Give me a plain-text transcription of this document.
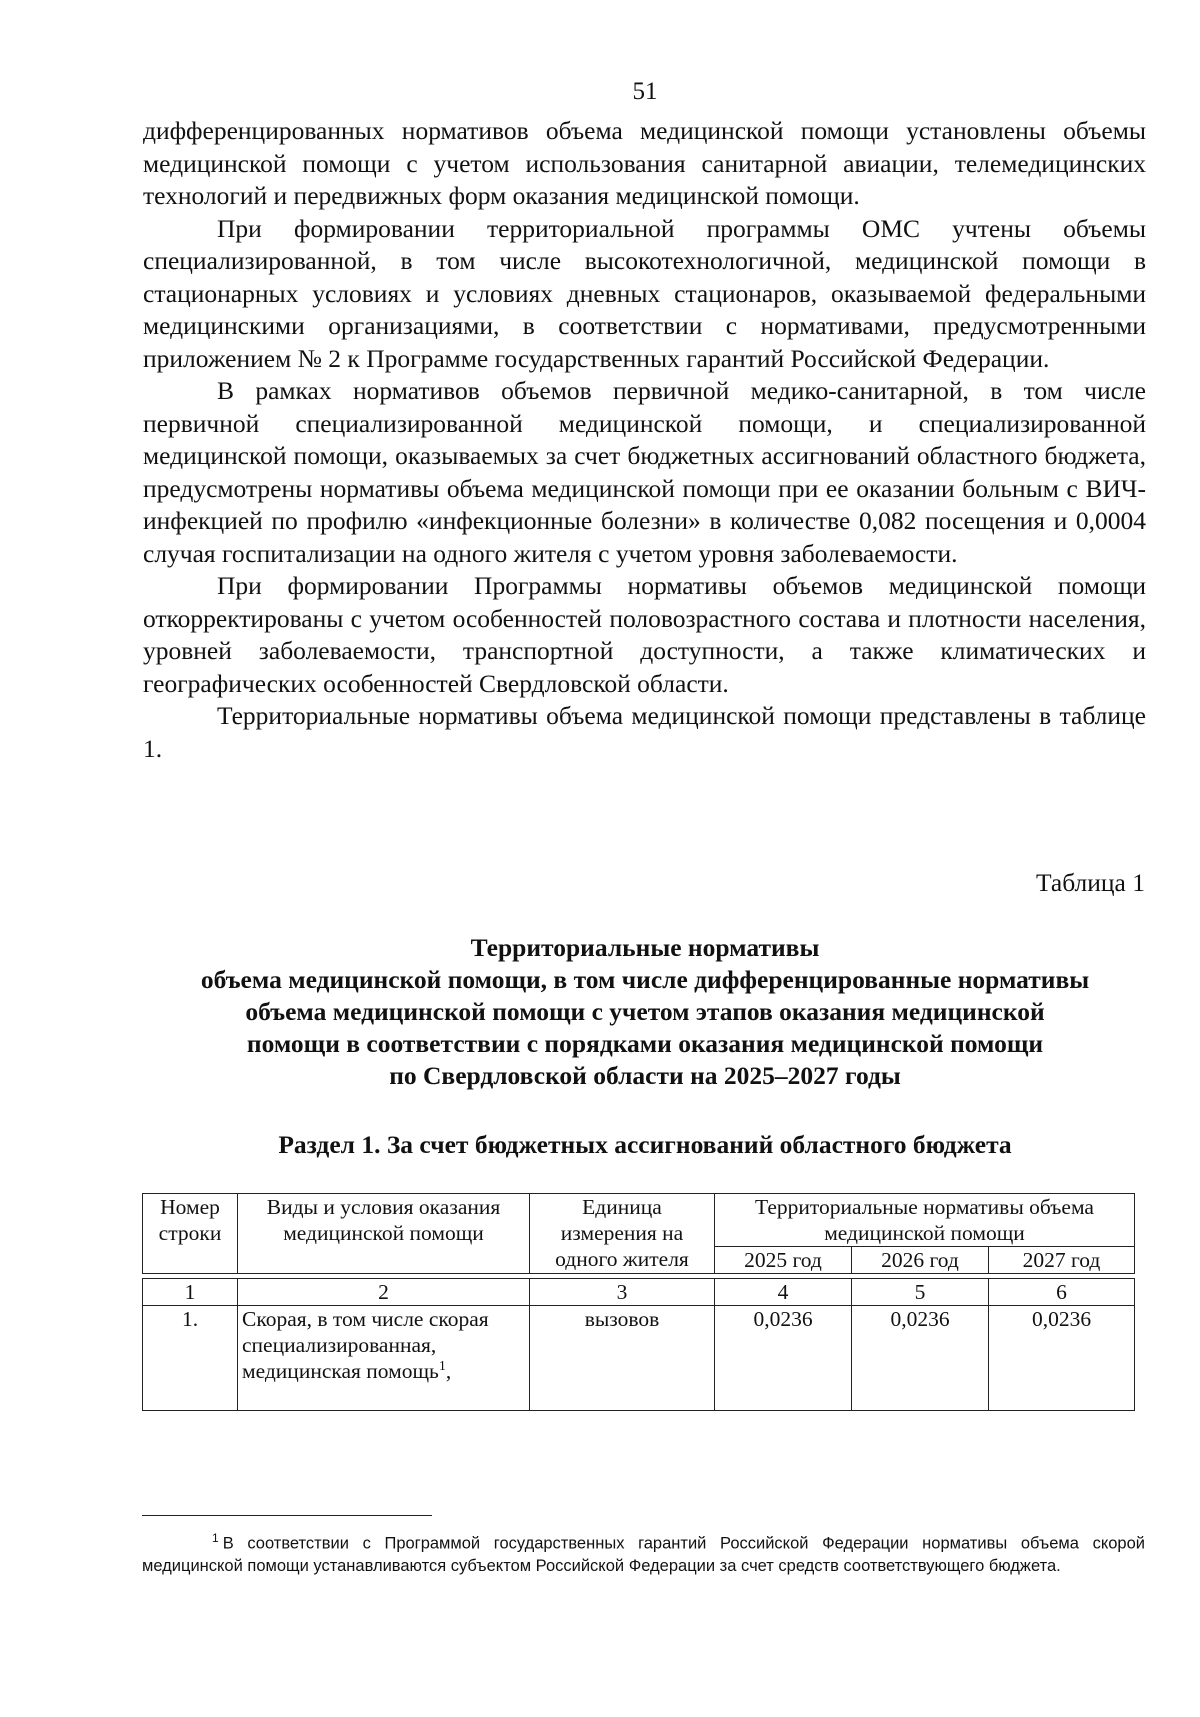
51

дифференцированных нормативов объема медицинской помощи установлены объемы медицинской помощи с учетом использования санитарной авиации, телемедицинских технологий и передвижных форм оказания медицинской помощи.

При формировании территориальной программы ОМС учтены объемы специализированной, в том числе высокотехнологичной, медицинской помощи в стационарных условиях и условиях дневных стационаров, оказываемой федеральными медицинскими организациями, в соответствии с нормативами, предусмотренными приложением № 2 к Программе государственных гарантий Российской Федерации.

В рамках нормативов объемов первичной медико-санитарной, в том числе первичной специализированной медицинской помощи, и специализированной медицинской помощи, оказываемых за счет бюджетных ассигнований областного бюджета, предусмотрены нормативы объема медицинской помощи при ее оказании больным с ВИЧ-инфекцией по профилю «инфекционные болезни» в количестве 0,082 посещения и 0,0004 случая госпитализации на одного жителя с учетом уровня заболеваемости.

При формировании Программы нормативы объемов медицинской помощи откорректированы с учетом особенностей половозрастного состава и плотности населения, уровней заболеваемости, транспортной доступности, а также климатических и географических особенностей Свердловской области.

Территориальные нормативы объема медицинской помощи представлены в таблице 1.

Таблица 1
Территориальные нормативы
объема медицинской помощи, в том числе дифференцированные нормативы
объема медицинской помощи с учетом этапов оказания медицинской
помощи в соответствии с порядками оказания медицинской помощи
по Свердловской области на 2025–2027 годы
Раздел 1. За счет бюджетных ассигнований областного бюджета
Номер строки	Виды и условия оказания медицинской помощи	Единица измерения на одного жителя	Территориальные нормативы объема медицинской помощи		
			2025 год	2026 год	2027 год

1	2	3	4	5	6
1.	Скорая, в том числе скорая специализированная, медицинская помощь$^1$,	вызовов	0,0236	0,0236	0,0236
$^1$ В соответствии с Программой государственных гарантий Российской Федерации нормативы объема скорой медицинской помощи устанавливаются субъектом Российской Федерации за счет средств соответствующего бюджета.
